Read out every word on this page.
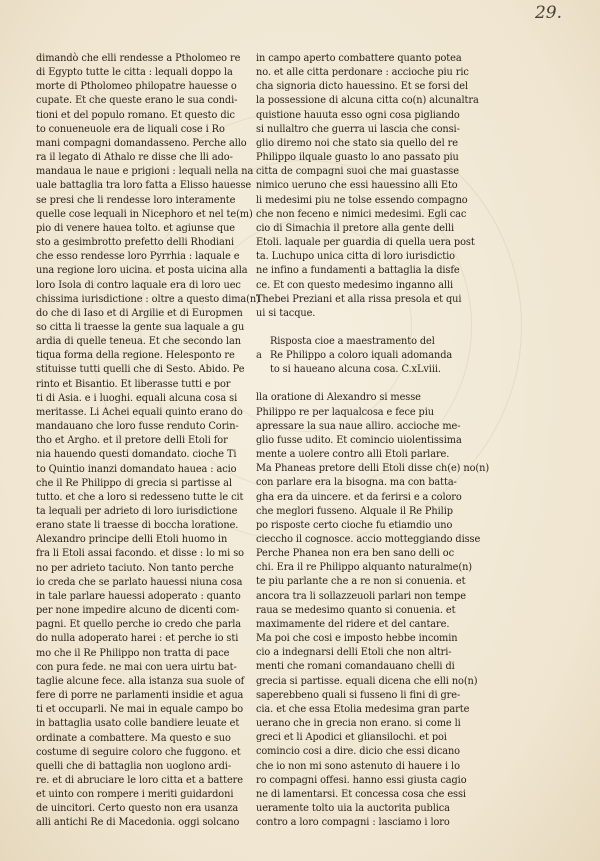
29.
dimandò che elli rendesse a Ptholomeo re
di Egypto tutte le citta : lequali doppo la
morte di Ptholomeo philopatre hauesse o
cupate. Et che queste erano le sua condi-
tioni et del populo romano. Et questo dic
to conueneuole era de liquali cose i Ro
mani compagni domandasseno. Perche allo
ra il legato di Athalo re disse che lli ado-
mandaua le naue e prigioni : lequali nella na
uale battaglia tra loro fatta a Elisso hauesse
se presi che li rendesse loro interamente
quelle cose lequali in Nicephoro et nel te(m)
pio di venere hauea tolto. et agiunse que
sto a gesimbrotto prefetto delli Rhodiani
che esso rendesse loro Pyrrhia : laquale e
una regione loro uicina. et posta uicina alla
loro Isola di contro laquale era di loro uec
chissima iurisdictione : oltre a questo dima(n)
do che di Iaso et di Argilie et di Europmen
so citta li traesse la gente sua laquale a gu
ardia di quelle teneua. Et che secondo lan
tiqua forma della regione. Helesponto re
stituisse tutti quelli che di Sesto. Abido. Pe
rinto et Bisantio. Et liberasse tutti e por
ti di Asia. e i luoghi. equali alcuna cosa si
meritasse. Li Achei equali quinto erano do
mandauano che loro fusse renduto Corin-
tho et Argho. et il pretore delli Etoli for
nia hauendo questi domandato. cioche Ti
to Quintio inanzi domandato hauea : acio
che il Re Philippo di grecia si partisse al
tutto. et che a loro si redesseno tutte le cit
ta lequali per adrieto di loro iurisdictione
erano state li traesse di boccha loratione.
Alexandro principe delli Etoli huomo in
fra li Etoli assai facondo. et disse : lo mi so
no per adrieto taciuto. Non tanto perche
io creda che se parlato hauessi niuna cosa
in tale parlare hauessi adoperato : quanto
per none impedire alcuno de dicenti com-
pagni. Et quello perche io credo che parla
do nulla adoperato harei : et perche io sti
mo che il Re Philippo non tratta di pace
con pura fede. ne mai con uera uirtu bat-
taglie alcune fece. alla istanza sua suole of
fere di porre ne parlamenti insidie et agua
ti et occuparli. Ne mai in equale campo bo
in battaglia usato colle bandiere leuate et
ordinate a combattere. Ma questo e suo
costume di seguire coloro che fuggono. et
quelli che di battaglia non uoglono ardi-
re. et di abruciare le loro citta et a battere
et uinto con rompere i meriti guidardoni
de uincitori. Certo questo non era usanza
alli antichi Re di Macedonia. oggi solcano
in campo aperto combattere quanto potea
no. et alle citta perdonare : accioche piu ric
cha signoria dicto hauessino. Et se forsi del
la possessione di alcuna citta co(n) alcunaltra
quistione hauuta esso ogni cosa pigliando
si nullaltro che guerra ui lascia che consi-
glio diremo noi che stato sia quello del re
Philippo ilquale guasto lo ano passato piu
citta de compagni suoi che mai guastasse
nimico ueruno che essi hauessino alli Eto
li medesimi piu ne tolse essendo compagno
che non feceno e nimici medesimi. Egli cac
cio di Simachia il pretore alla gente delli
Etoli. laquale per guardia di quella uera post
ta. Luchupo unica citta di loro iurisdictio
ne infino a fundamenti a battaglia la disfe
ce. Et con questo medesimo inganno alli
Thebei Preziani et alla rissa presola et qui
ui si tacque.
Risposta cioe a maestramento del
Re Philippo a coloro iquali adomanda
to si haueano alcuna cosa. C.xLviii.
lla oratione di Alexandro si messe
Philippo re per laqualcosa e fece piu
apressare la sua naue alliro. accioche me-
glio fusse udito. Et comincio uiolentissima
mente a uolere contro alli Etoli parlare.
Ma Phaneas pretore delli Etoli disse ch(e) no(n)
con parlare era la bisogna. ma con batta-
gha era da uincere. et da ferirsi e a coloro
che meglori fusseno. Alquale il Re Philip
po risposte certo cioche fu etiamdio uno
cieccho il cognosce. accio motteggiando disse
Perche Phanea non era ben sano delli oc
chi. Era il re Philippo alquanto naturalme(n)
te piu parlante che a re non si conuenia. et
ancora tra li sollazzeuoli parlari non tempe
raua se medesimo quanto si conuenia. et
maximamente del ridere et del cantare.
Ma poi che cosi e imposto hebbe incomin
cio a indegnarsi delli Etoli che non altri-
menti che romani comandauano chelli di
grecia si partisse. equali dicena che elli no(n)
saperebbeno quali si fusseno li fini di gre-
cia. et che essa Etolia medesima gran parte
uerano che in grecia non erano. si come li
greci et li Apodici et gliansilochi. et poi
comincio cosi a dire. dicio che essi dicano
che io non mi sono astenuto di hauere i lo
ro compagni offesi. hanno essi giusta cagio
ne di lamentarsi. Et concessa cosa che essi
ueramente tolto uia la auctorita publica
contro a loro compagni : lasciamo i loro
a
